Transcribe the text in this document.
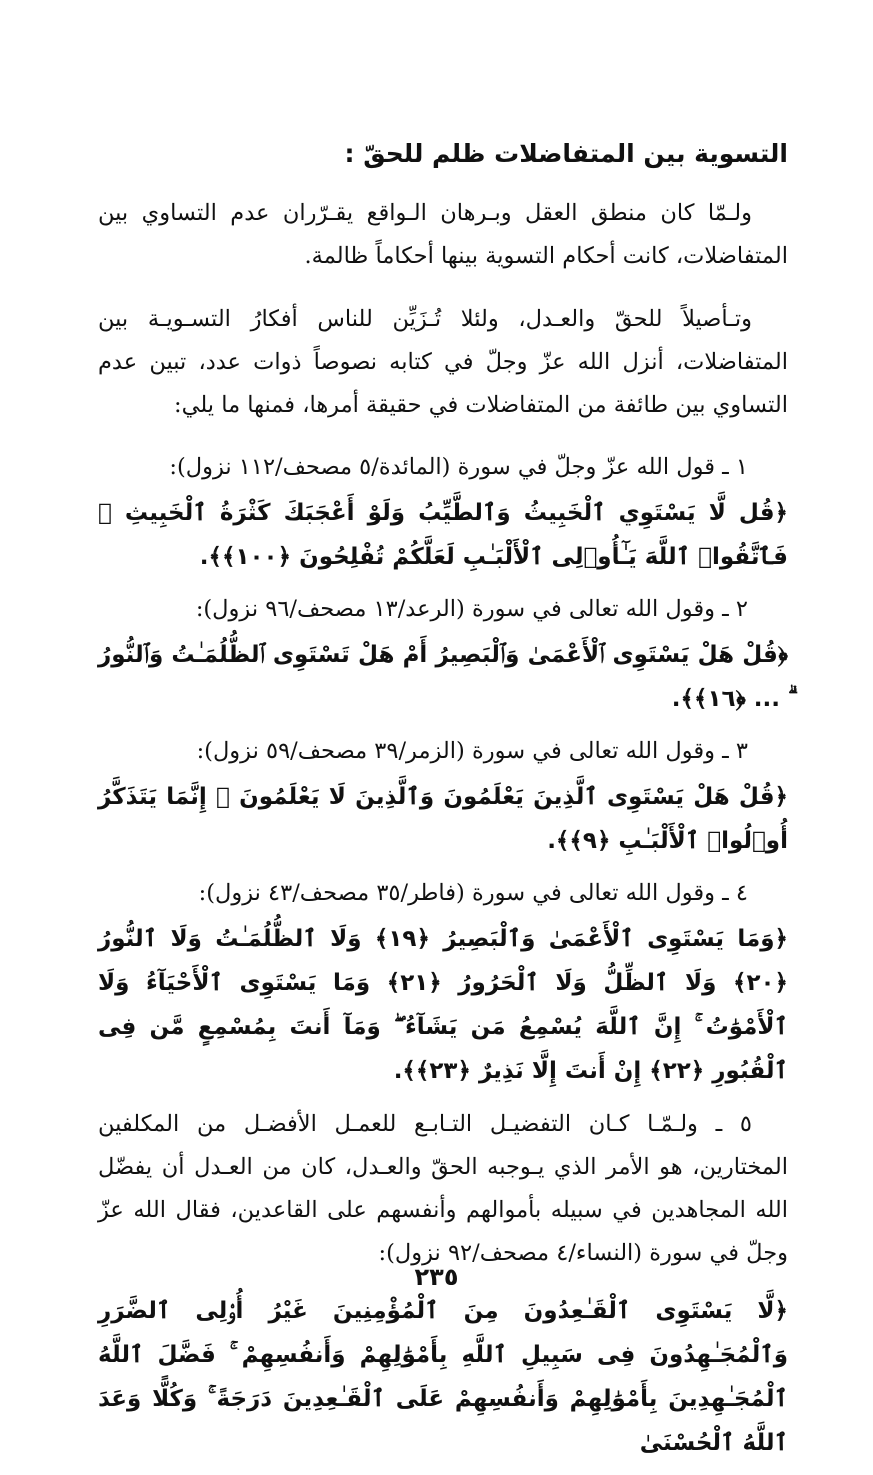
التسوية بين المتفاضلات ظلم للحقّ :

ولـمّا كان منطق العقل وبـرهان الـواقع يقـرّران عدم التساوي بين المتفاضلات، كانت أحكام التسوية بينها أحكاماً ظالمة.

وتـأصيلاً للحقّ والعـدل، ولئلا تُـزَيِّن للناس أفكارُ التسـويـة بين المتفاضلات، أنزل الله عزّ وجلّ في كتابه نصوصاً ذوات عدد، تبين عدم التساوي بين طائفة من المتفاضلات في حقيقة أمرها، فمنها ما يلي:

١ ـ قول الله عزّ وجلّ في سورة (المائدة/٥ مصحف/١١٢ نزول):
﴿قُل لَّا يَسْتَوِي ٱلْخَبِيثُ وَٱلطَّيِّبُ وَلَوْ أَعْجَبَكَ كَثْرَةُ ٱلْخَبِيثِ ۚ فَٱتَّقُوا۟ ٱللَّهَ يَـٰٓأُو۟لِى ٱلْأَلْبَـٰبِ لَعَلَّكُمْ تُفْلِحُونَ ﴿١٠٠﴾﴾.
٢ ـ وقول الله تعالى في سورة (الرعد/١٣ مصحف/٩٦ نزول):
﴿قُلْ هَلْ يَسْتَوِى ٱلْأَعْمَىٰ وَٱلْبَصِيرُ أَمْ هَلْ تَسْتَوِى ٱلظُّلُمَـٰتُ وَٱلنُّورُ ۗ ... ﴿١٦﴾﴾.
٣ ـ وقول الله تعالى في سورة (الزمر/٣٩ مصحف/٥٩ نزول):
﴿قُلْ هَلْ يَسْتَوِى ٱلَّذِينَ يَعْلَمُونَ وَٱلَّذِينَ لَا يَعْلَمُونَ ۗ إِنَّمَا يَتَذَكَّرُ أُو۟لُوا۟ ٱلْأَلْبَـٰبِ ﴿٩﴾﴾.
٤ ـ وقول الله تعالى في سورة (فاطر/٣٥ مصحف/٤٣ نزول):
﴿وَمَا يَسْتَوِى ٱلْأَعْمَىٰ وَٱلْبَصِيرُ ﴿١٩﴾ وَلَا ٱلظُّلُمَـٰتُ وَلَا ٱلنُّورُ ﴿٢٠﴾ وَلَا ٱلظِّلُّ وَلَا ٱلْحَرُورُ ﴿٢١﴾ وَمَا يَسْتَوِى ٱلْأَحْيَآءُ وَلَا ٱلْأَمْوَٰتُ ۚ إِنَّ ٱللَّهَ يُسْمِعُ مَن يَشَآءُ ۖ وَمَآ أَنتَ بِمُسْمِعٍ مَّن فِى ٱلْقُبُورِ ﴿٢٢﴾ إِنْ أَنتَ إِلَّا نَذِيرٌ ﴿٢٣﴾﴾.

٥ ـ ولـمّـا كـان التفضيـل التـابـع للعمـل الأفضـل من المكلفين المختارين، هو الأمر الذي يـوجبه الحقّ والعـدل، كان من العـدل أن يفضّل الله المجاهدين في سبيله بأموالهم وأنفسهم على القاعدين، فقال الله عزّ وجلّ في سورة (النساء/٤ مصحف/٩٢ نزول):

﴿لَّا يَسْتَوِى ٱلْقَـٰعِدُونَ مِنَ ٱلْمُؤْمِنِينَ غَيْرُ أُو۟لِى ٱلضَّرَرِ وَٱلْمُجَـٰهِدُونَ فِى سَبِيلِ ٱللَّهِ بِأَمْوَٰلِهِمْ وَأَنفُسِهِمْ ۚ فَضَّلَ ٱللَّهُ ٱلْمُجَـٰهِدِينَ بِأَمْوَٰلِهِمْ وَأَنفُسِهِمْ عَلَى ٱلْقَـٰعِدِينَ دَرَجَةً ۚ وَكُلًّا وَعَدَ ٱللَّهُ ٱلْحُسْنَىٰ
٢٣٥
